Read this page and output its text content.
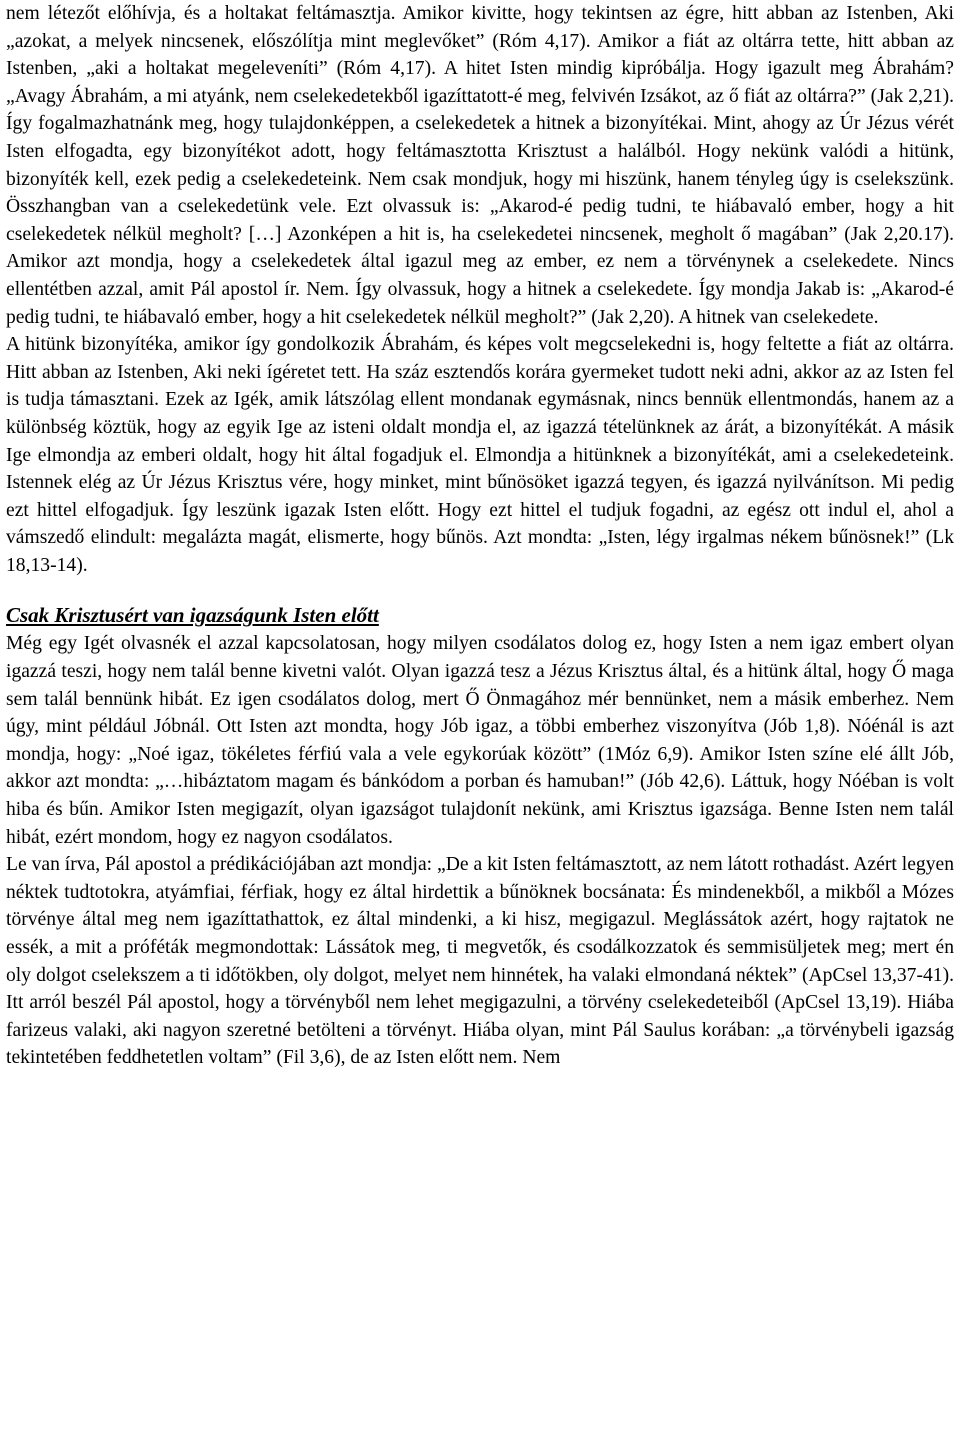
nem létezőt előhívja, és a holtakat feltámasztja. Amikor kivitte, hogy tekintsen az égre, hitt abban az Istenben, Aki „azokat, a melyek nincsenek, előszólítja mint meglevőket” (Róm 4,17). Amikor a fiát az oltárra tette, hitt abban az Istenben, „aki a holtakat megeleveníti” (Róm 4,17). A hitet Isten mindig kipróbálja. Hogy igazult meg Ábrahám? „Avagy Ábrahám, a mi atyánk, nem cselekedetekből igazíttatott-é meg, felvivén Izsákot, az ő fiát az oltárra?” (Jak 2,21). Így fogalmazhatnánk meg, hogy tulajdonképpen, a cselekedetek a hitnek a bizonyítékai. Mint, ahogy az Úr Jézus vérét Isten elfogadta, egy bizonyítékot adott, hogy feltámasztotta Krisztust a halálból. Hogy nekünk valódi a hitünk, bizonyíték kell, ezek pedig a cselekedeteink. Nem csak mondjuk, hogy mi hiszünk, hanem tényleg úgy is cselekszünk. Összhangban van a cselekedetünk vele. Ezt olvassuk is: „Akarod-é pedig tudni, te hiábavaló ember, hogy a hit cselekedetek nélkül megholt? […] Azonképen a hit is, ha cselekedetei nincsenek, megholt ő magában” (Jak 2,20.17). Amikor azt mondja, hogy a cselekedetek által igazul meg az ember, ez nem a törvénynek a cselekedete. Nincs ellentétben azzal, amit Pál apostol ír. Nem. Így olvassuk, hogy a hitnek a cselekedete. Így mondja Jakab is: „Akarod-é pedig tudni, te hiábavaló ember, hogy a hit cselekedetek nélkül megholt?” (Jak 2,20). A hitnek van cselekedete.

A hitünk bizonyítéka, amikor így gondolkozik Ábrahám, és képes volt megcselekedni is, hogy feltette a fiát az oltárra. Hitt abban az Istenben, Aki neki ígéretet tett. Ha száz esztendős korára gyermeket tudott neki adni, akkor az az Isten fel is tudja támasztani. Ezek az Igék, amik látszólag ellent mondanak egymásnak, nincs bennük ellentmondás, hanem az a különbség köztük, hogy az egyik Ige az isteni oldalt mondja el, az igazzá tételünknek az árát, a bizonyítékát. A másik Ige elmondja az emberi oldalt, hogy hit által fogadjuk el. Elmondja a hitünknek a bizonyítékát, ami a cselekedeteink. Istennek elég az Úr Jézus Krisztus vére, hogy minket, mint bűnösöket igazzá tegyen, és igazzá nyilvánítson. Mi pedig ezt hittel elfogadjuk. Így leszünk igazak Isten előtt. Hogy ezt hittel el tudjuk fogadni, az egész ott indul el, ahol a vámszedő elindult: megalázta magát, elismerte, hogy bűnös. Azt mondta: „Isten, légy irgalmas nékem bűnösnek!” (Lk 18,13-14).

Csak Krisztusért van igazságunk Isten előtt

Még egy Igét olvasnék el azzal kapcsolatosan, hogy milyen csodálatos dolog ez, hogy Isten a nem igaz embert olyan igazzá teszi, hogy nem talál benne kivetni valót. Olyan igazzá tesz a Jézus Krisztus által, és a hitünk által, hogy Ő maga sem talál bennünk hibát. Ez igen csodálatos dolog, mert Ő Önmagához mér bennünket, nem a másik emberhez. Nem úgy, mint például Jóbnál. Ott Isten azt mondta, hogy Jób igaz, a többi emberhez viszonyítva (Jób 1,8). Nóénál is azt mondja, hogy: „Noé igaz, tökéletes férfiú vala a vele egykorúak között” (1Móz 6,9). Amikor Isten színe elé állt Jób, akkor azt mondta: „…hibáztatom magam és bánkódom a porban és hamuban!” (Jób 42,6). Láttuk, hogy Nóéban is volt hiba és bűn. Amikor Isten megigazít, olyan igazságot tulajdonít nekünk, ami Krisztus igazsága. Benne Isten nem talál hibát, ezért mondom, hogy ez nagyon csodálatos.

Le van írva, Pál apostol a prédikációjában azt mondja: „De a kit Isten feltámasztott, az nem látott rothadást. Azért legyen néktek tudtotokra, atyámfiai, férfiak, hogy ez által hirdettik a bűnöknek bocsánata: És mindenekből, a mikből a Mózes törvénye által meg nem igazíttathattok, ez által mindenki, a ki hisz, megigazul. Meglássátok azért, hogy rajtatok ne essék, a mit a próféták megmondottak: Lássátok meg, ti megvetők, és csodálkozzatok és semmisüljetek meg; mert én oly dolgot cselekszem a ti időtökben, oly dolgot, melyet nem hinnétek, ha valaki elmondaná néktek” (ApCsel 13,37-41). Itt arról beszél Pál apostol, hogy a törvényből nem lehet megigazulni, a törvény cselekedeteiből (ApCsel 13,19). Hiába farizeus valaki, aki nagyon szeretné betölteni a törvényt. Hiába olyan, mint Pál Saulus korában: „a törvénybeli igazság tekintetében feddhetetlen voltam” (Fil 3,6), de az Isten előtt nem. Nem
